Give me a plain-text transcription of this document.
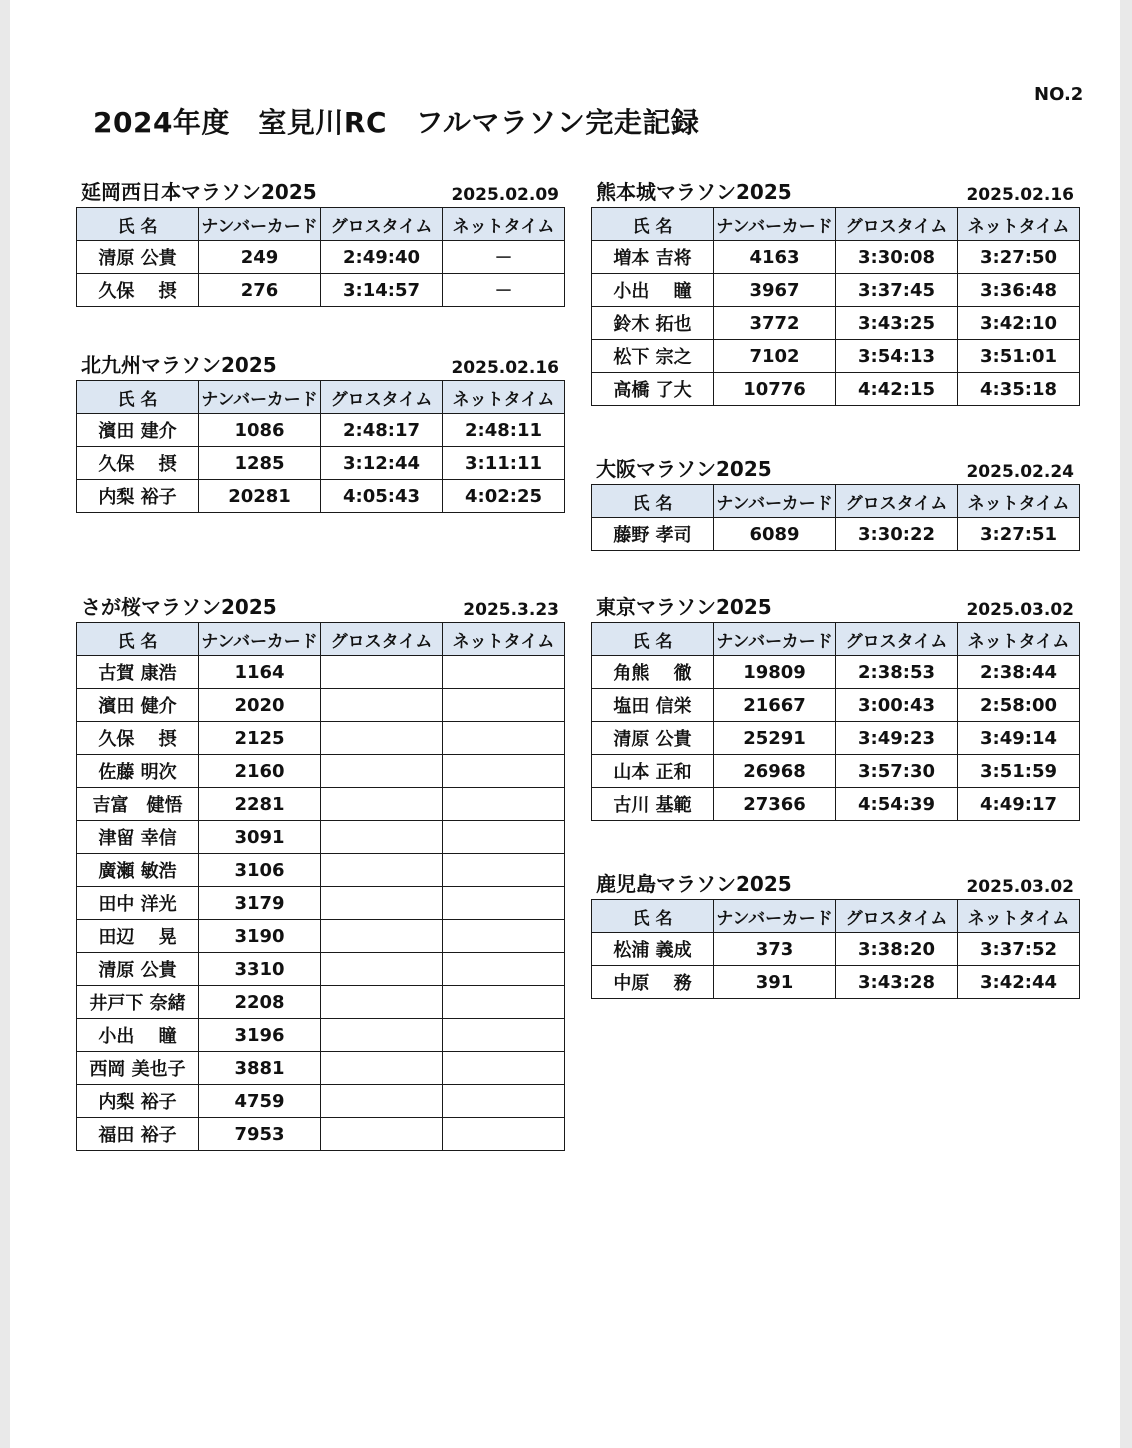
NO.2
2024年度　室見川RC　フルマラソン完走記録
延岡西日本マラソン2025	2025.02.09
氏 名	ナンバーカード	グロスタイム	ネットタイム
清原 公貴	249	2:49:40	－
久保　 摂	276	3:14:57	－
北九州マラソン2025	2025.02.16
氏 名	ナンバーカード	グロスタイム	ネットタイム
濱田 建介	1086	2:48:17	2:48:11
久保　 摂	1285	3:12:44	3:11:11
内梨 裕子	20281	4:05:43	4:02:25
さが桜マラソン2025	2025.3.23
氏 名	ナンバーカード	グロスタイム	ネットタイム
古賀 康浩	1164		
濱田 健介	2020		
久保　 摂	2125		
佐藤 明次	2160		
吉富　健悟	2281		
津留 幸信	3091		
廣瀬 敏浩	3106		
田中 洋光	3179		
田辺　 晃	3190		
清原 公貴	3310		
井戸下 奈緒	2208		
小出　 瞳	3196		
西岡 美也子	3881		
内梨 裕子	4759		
福田 裕子	7953		
熊本城マラソン2025	2025.02.16
氏 名	ナンバーカード	グロスタイム	ネットタイム
増本 吉将	4163	3:30:08	3:27:50
小出　 瞳	3967	3:37:45	3:36:48
鈴木 拓也	3772	3:43:25	3:42:10
松下 宗之	7102	3:54:13	3:51:01
高橋 了大	10776	4:42:15	4:35:18
大阪マラソン2025	2025.02.24
氏 名	ナンバーカード	グロスタイム	ネットタイム
藤野 孝司	6089	3:30:22	3:27:51
東京マラソン2025	2025.03.02
氏 名	ナンバーカード	グロスタイム	ネットタイム
角熊　 徹	19809	2:38:53	2:38:44
塩田 信栄	21667	3:00:43	2:58:00
清原 公貴	25291	3:49:23	3:49:14
山本 正和	26968	3:57:30	3:51:59
古川 基範	27366	4:54:39	4:49:17
鹿児島マラソン2025	2025.03.02
氏 名	ナンバーカード	グロスタイム	ネットタイム
松浦 義成	373	3:38:20	3:37:52
中原　 務	391	3:43:28	3:42:44
